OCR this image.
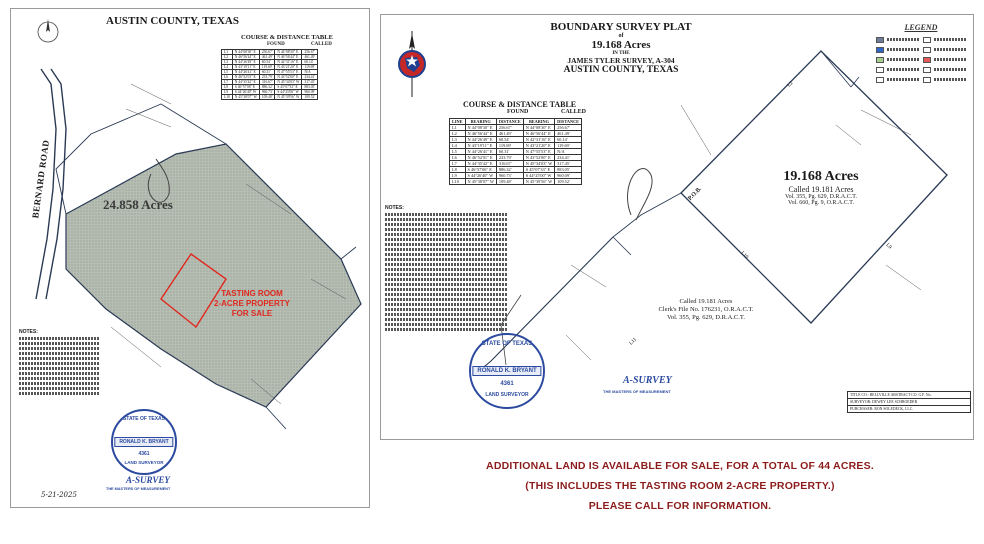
AUSTIN COUNTY, TEXAS
COURSE & DISTANCE TABLE
FOUND	CALLED
L1	N 44°08'30" E	256.67'	N 44°08'30" E	256.67'
L2	N 46°56'44" E	461.49'	N 46°56'44" E	461.49'
L3	N 44°26'49" E	60.54'	N 42°31'16" E	60.14'
L4	N 43°19'11" E	119.69'	N 43°21'20" E	119.69'
L5	N 44°26'41" E	60.31'	N 47°55'53" E	N/A
L6	N 46°52'01" E	233.79'	N 43°52'00" E	234.41'
L7	N 44°35'42" E	316.67'	N 45°34'03" W	317.45'
L8	S 46°57'06" E	886.32'	S 45°07'33" E	883.05'
L9	S 44°26'40" W	960.73'	S 44°25'00" W	960.09'
L10	N 45°38'07" W	109.48'	N 45°39'56" W	109.52'
BERNARD ROAD	24.858 Acres
TASTING ROOM
2-ACRE PROPERTY
FOR SALE
NOTES:
STATE OF TEXAS
RONALD K. BRYANT
4361
LAND SURVEYOR
A-SURVEY
THE MASTERS OF MEASUREMENT
5-21-2025
BOUNDARY SURVEY PLAT
of
19.168 Acres
IN THE
JAMES TYLER SURVEY, A-304
AUSTIN COUNTY, TEXAS
LEGEND
COURSE & DISTANCE TABLE
FOUND	CALLED
LINE	BEARING	DISTANCE	BEARING	DISTANCE
L1	N 44°08'30" E	256.67'	N 44°08'30" E	256.67'
L2	N 46°56'44" E	461.49'	N 46°56'44" E	461.49'
L3	N 44°26'49" E	60.54'	N 42°31'16" E	60.14'
L4	N 43°19'11" E	119.69'	N 43°21'20" E	119.69'
L5	N 44°26'41" E	60.31'	N 47°55'53" E	N/A
L6	N 46°52'01" E	233.79'	N 43°52'00" E	234.41'
L7	N 44°35'42" E	316.67'	N 45°34'03" W	317.45'
L8	S 46°57'06" E	886.32'	S 45°07'33" E	883.05'
L9	S 44°26'40" W	960.73'	S 44°25'00" W	960.09'
L10	N 45°38'07" W	109.48'	N 45°39'56" W	109.52'
NOTES:
L2
L9
L10
L11
P.O.B.
19.168 Acres
Called 19.181 Acres
Vol. 355, Pg. 629, D.R.A.C.T.
Vol. 660, Pg. 9, O.R.A.C.T.
Called 19.181 Acres
Clerk's File No. 176231, O.R.A.C.T.
Vol. 355, Pg. 629, D.R.A.C.T.
STATE OF TEXAS
RONALD K. BRYANT
4361
LAND SURVEYOR
A-SURVEY
THE MASTERS OF MEASUREMENT
TITLE CO.: BELLVILLE ABSTRACT CO. G.F. No.
SURVEYOR: DEWEY LEE SCHROEDER
PURCHASER: RON SOLEDECK, LLC.
ADDITIONAL LAND IS AVAILABLE FOR SALE, FOR A TOTAL OF 44 ACRES.
(THIS INCLUDES THE TASTING ROOM 2-ACRE PROPERTY.)
PLEASE CALL FOR INFORMATION.
